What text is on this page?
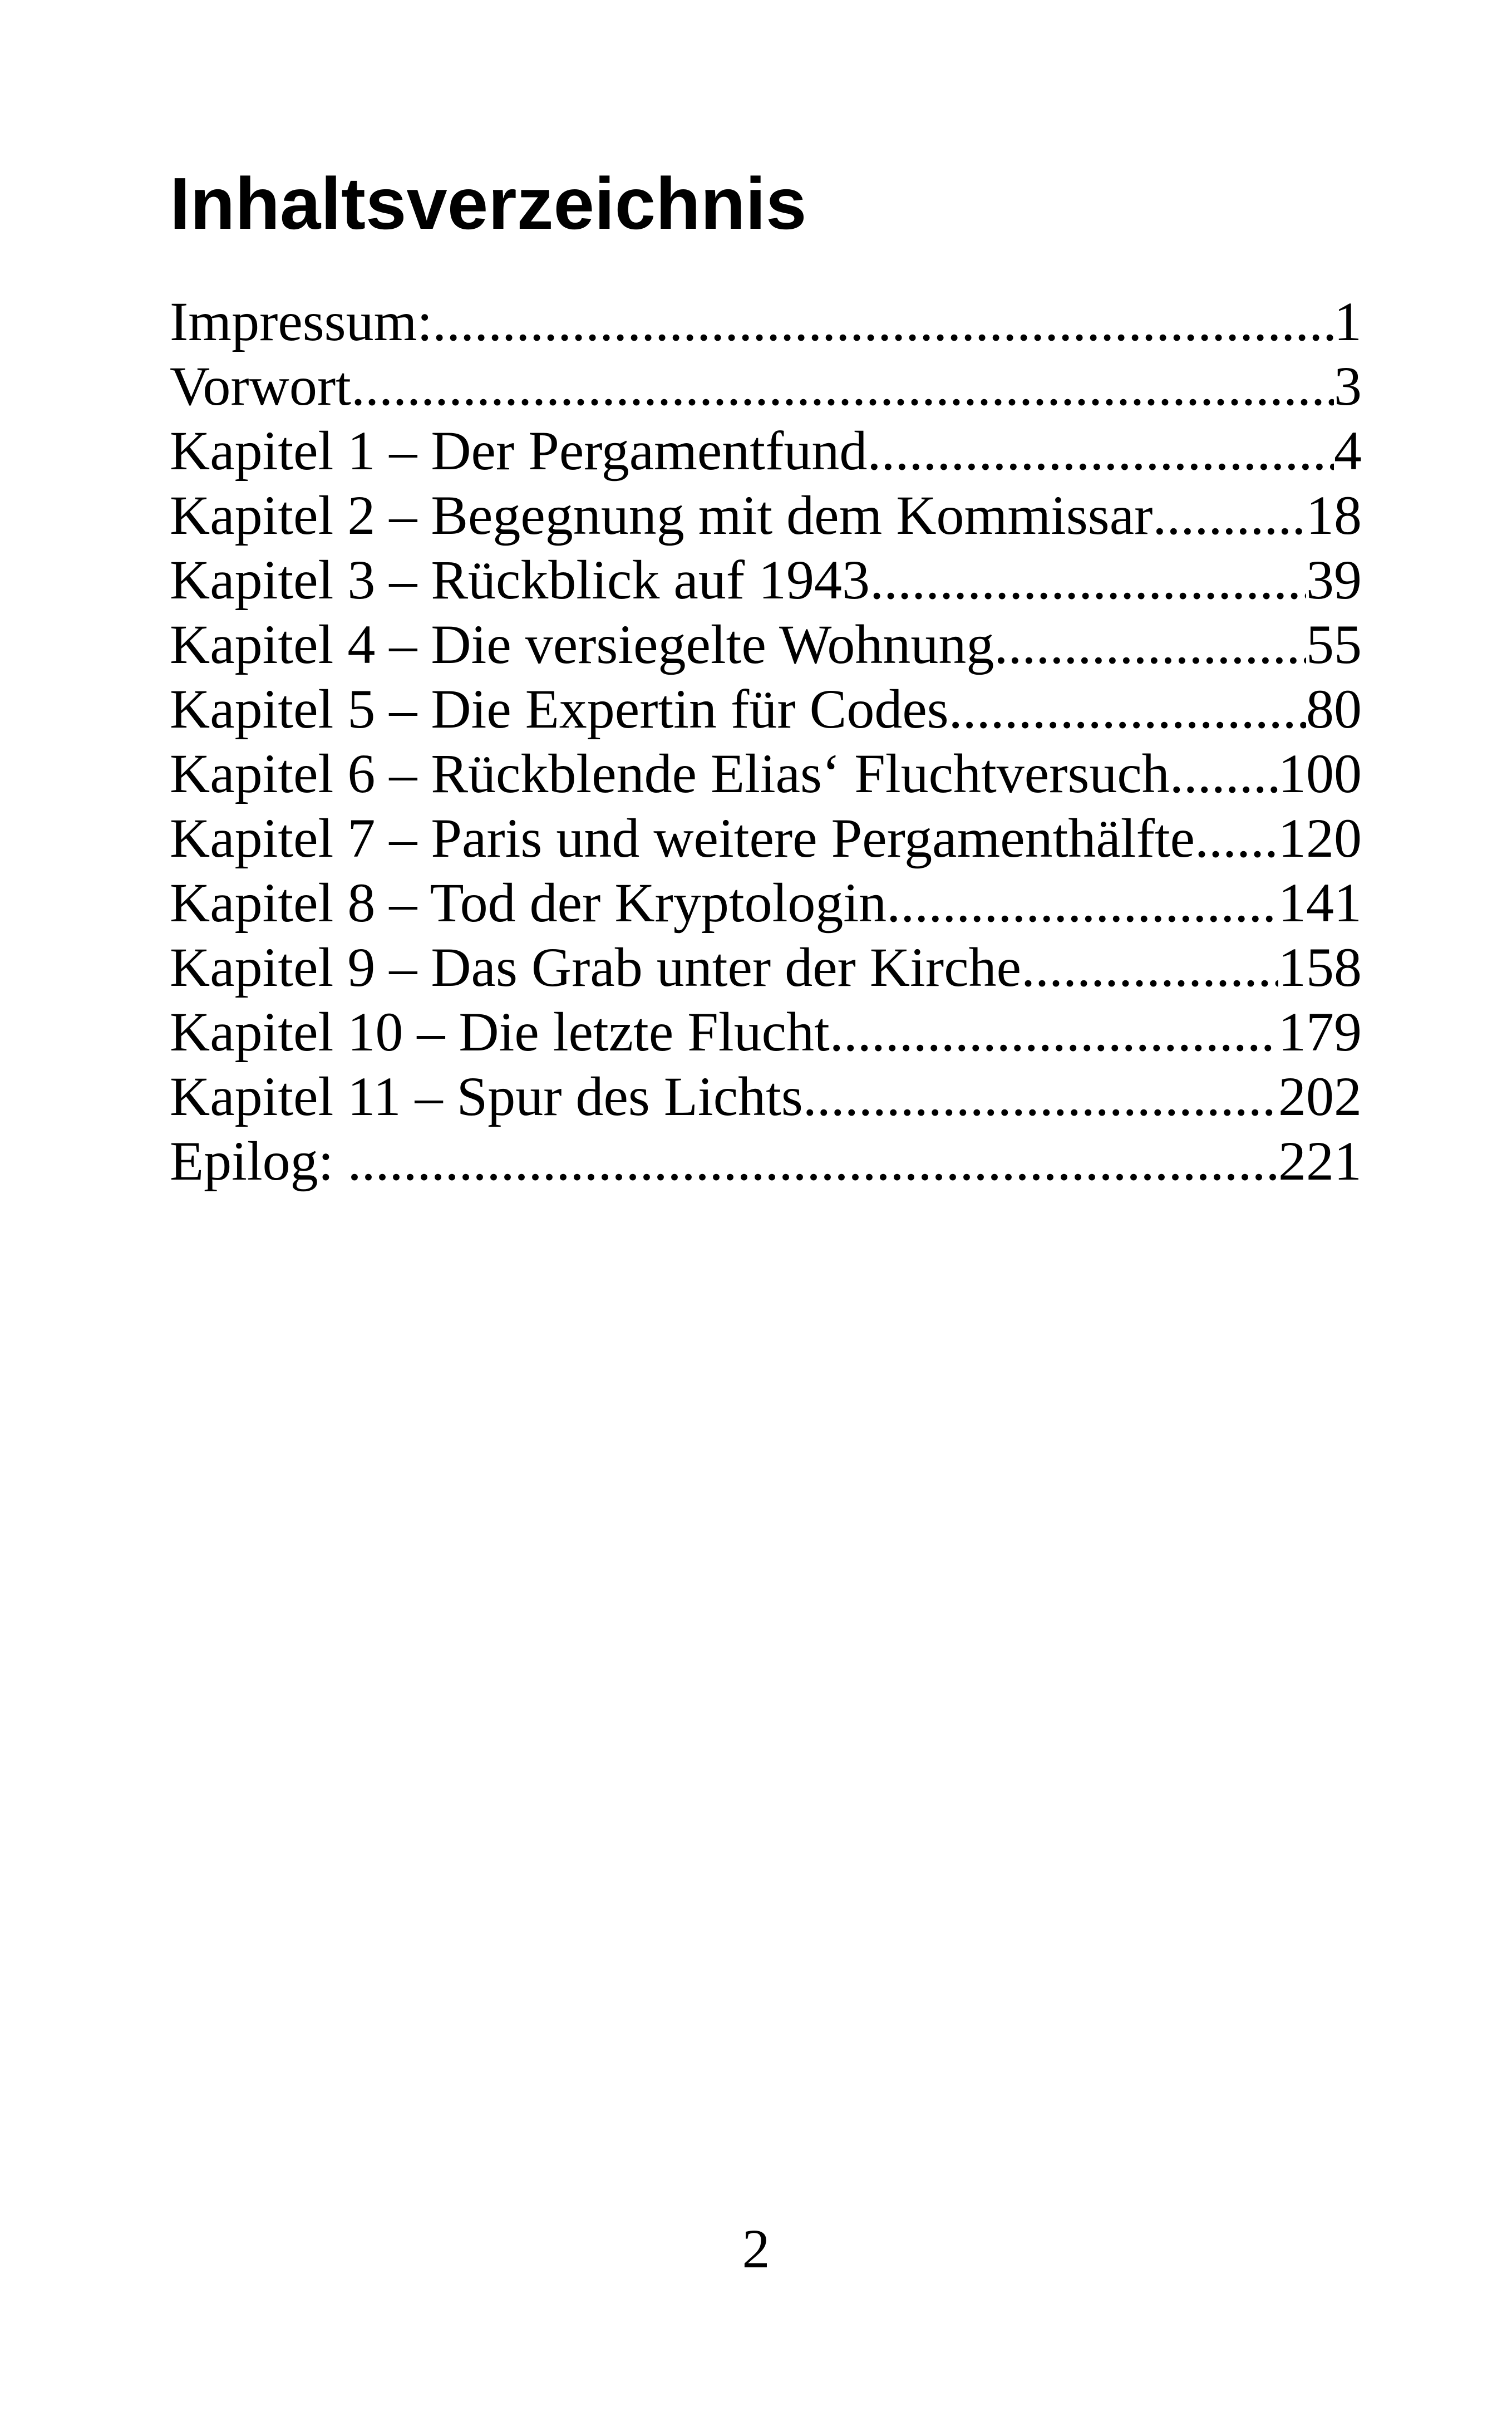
Inhaltsverzeichnis
Impressum: .....	1
Vorwort .....	3
Kapitel 1 – Der Pergamentfund .....	4
Kapitel 2 – Begegnung mit dem Kommissar .....	18
Kapitel 3 – Rückblick auf 1943 .....	39
Kapitel 4 – Die versiegelte Wohnung .....	55
Kapitel 5 – Die Expertin für Codes .....	80
Kapitel 6 – Rückblende Elias‘ Fluchtversuch ..... 100
Kapitel 7 – Paris und weitere Pergamenthälfte ..... 120
Kapitel 8 – Tod der Kryptologin .....	141
Kapitel 9 – Das Grab unter der Kirche .....	158
Kapitel 10 – Die letzte Flucht .....	179
Kapitel 11 – Spur des Lichts .....	202
Epilog: .....	221
2
